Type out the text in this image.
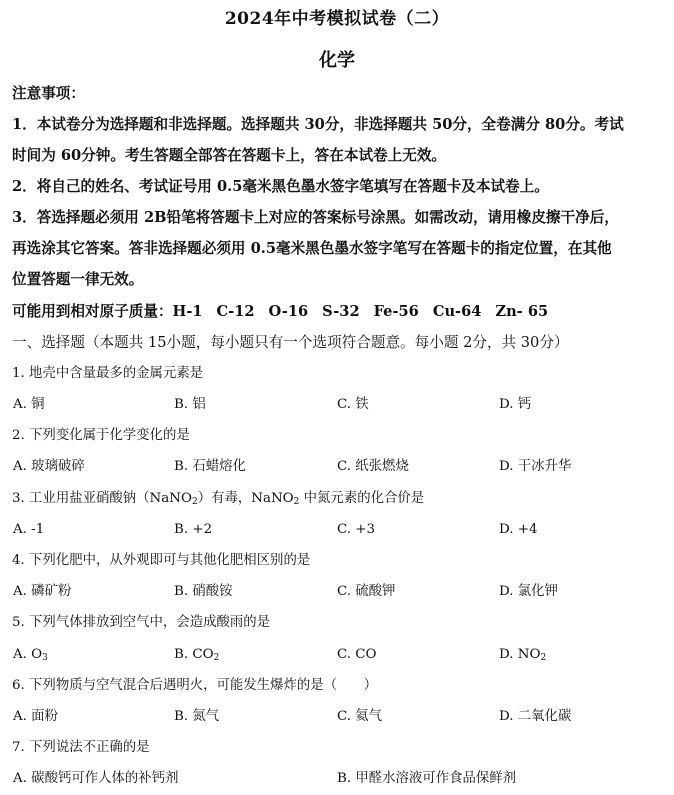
2024年中考模拟试卷（二）
化学
注意事项：
1．本试卷分为选择题和非选择题。选择题共 30分，非选择题共 50分，全卷满分 80分。考试
时间为 60分钟。考生答题全部答在答题卡上，答在本试卷上无效。
2．将自己的姓名、考试证号用 0.5毫米黑色墨水签字笔填写在答题卡及本试卷上。
3．答选择题必须用 2B铅笔将答题卡上对应的答案标号涂黑。如需改动，请用橡皮擦干净后，
再选涂其它答案。答非选择题必须用 0.5毫米黑色墨水签字笔写在答题卡的指定位置，在其他
位置答题一律无效。
可能用到相对原子质量：H-1 C-12 O-16 S-32 Fe-56 Cu-64 Zn- 65
一、选择题（本题共 15小题，每小题只有一个选项符合题意。每小题 2分，共 30分）
1. 地壳中含量最多的金属元素是
A. 铜	B. 铝	C. 铁	D. 钙
2. 下列变化属于化学变化的是
A. 玻璃破碎	B. 石蜡熔化	C. 纸张燃烧	D. 干冰升华
3. 工业用盐亚硝酸钠（NaNO$_2$）有毒，NaNO$_2$ 中氮元素的化合价是
A. -1	B. +2	C. +3	D. +4
4. 下列化肥中，从外观即可与其他化肥相区别的是
A. 磷矿粉	B. 硝酸铵	C. 硫酸钾	D. 氯化钾
5. 下列气体排放到空气中，会造成酸雨的是
A. $O_3$	B. $CO_2$	C. CO	D. $NO_2$
6. 下列物质与空气混合后遇明火，可能发生爆炸的是（　　）
A. 面粉	B. 氮气	C. 氦气	D. 二氧化碳
7. 下列说法不正确的是
A. 碳酸钙可作人体的补钙剂	B. 甲醛水溶液可作食品保鲜剂
